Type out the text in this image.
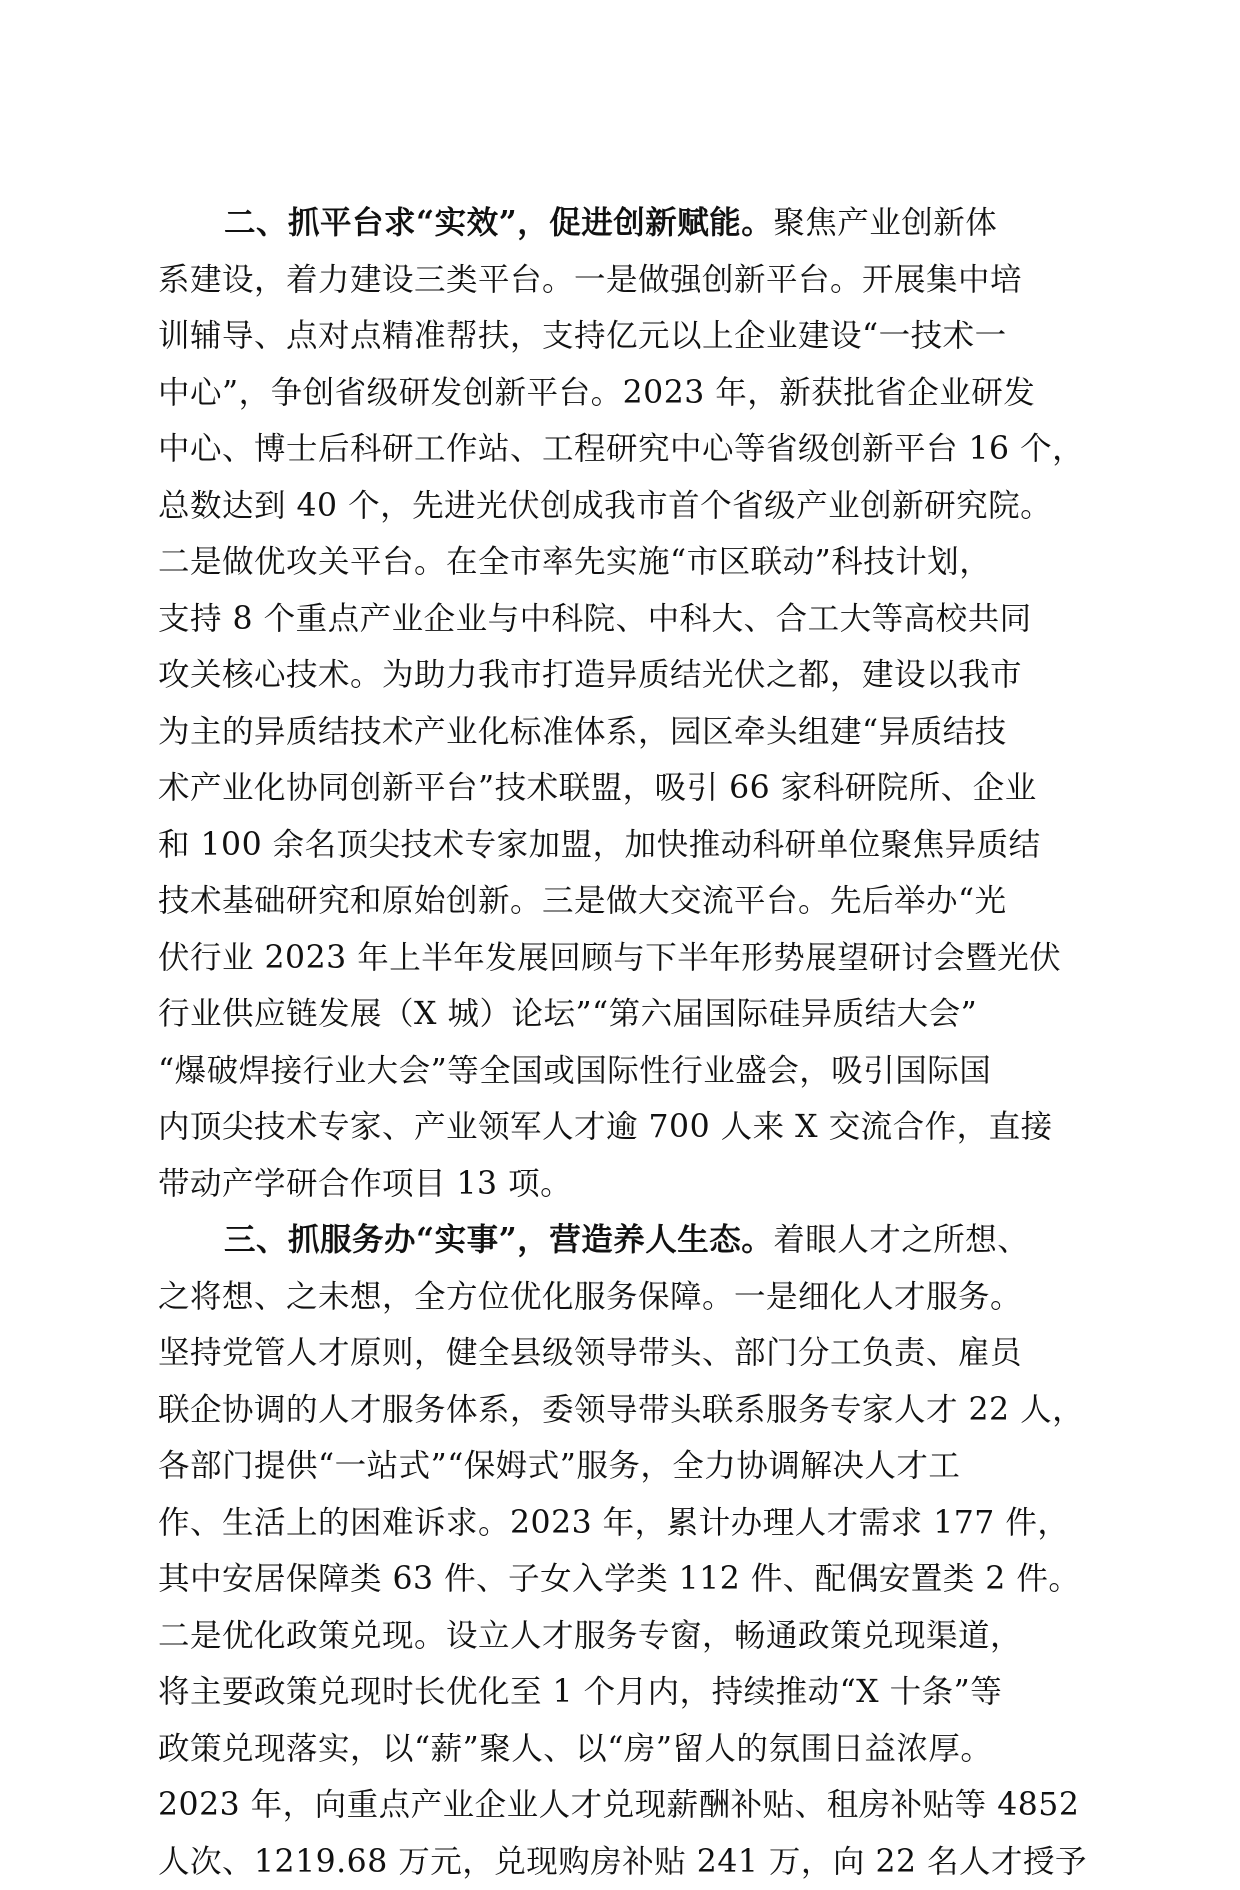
二、抓平台求“实效”，促进创新赋能。聚焦产业创新体
系建设，着力建设三类平台。一是做强创新平台。开展集中培
训辅导、点对点精准帮扶，支持亿元以上企业建设“一技术一
中心”，争创省级研发创新平台。2023 年，新获批省企业研发
中心、博士后科研工作站、工程研究中心等省级创新平台 16 个，
总数达到 40 个，先进光伏创成我市首个省级产业创新研究院。
二是做优攻关平台。在全市率先实施“市区联动”科技计划，
支持 8 个重点产业企业与中科院、中科大、合工大等高校共同
攻关核心技术。为助力我市打造异质结光伏之都，建设以我市
为主的异质结技术产业化标准体系，园区牵头组建“异质结技
术产业化协同创新平台”技术联盟，吸引 66 家科研院所、企业
和 100 余名顶尖技术专家加盟，加快推动科研单位聚焦异质结
技术基础研究和原始创新。三是做大交流平台。先后举办“光
伏行业 2023 年上半年发展回顾与下半年形势展望研讨会暨光伏
行业供应链发展（X 城）论坛”“第六届国际硅异质结大会”
“爆破焊接行业大会”等全国或国际性行业盛会，吸引国际国
内顶尖技术专家、产业领军人才逾 700 人来 X 交流合作，直接
带动产学研合作项目 13 项。
三、抓服务办“实事”，营造养人生态。着眼人才之所想、
之将想、之未想，全方位优化服务保障。一是细化人才服务。
坚持党管人才原则，健全县级领导带头、部门分工负责、雇员
联企协调的人才服务体系，委领导带头联系服务专家人才 22 人，
各部门提供“一站式”“保姆式”服务，全力协调解决人才工
作、生活上的困难诉求。2023 年，累计办理人才需求 177 件，
其中安居保障类 63 件、子女入学类 112 件、配偶安置类 2 件。
二是优化政策兑现。设立人才服务专窗，畅通政策兑现渠道，
将主要政策兑现时长优化至 1 个月内，持续推动“X 十条”等
政策兑现落实，以“薪”聚人、以“房”留人的氛围日益浓厚。
2023 年，向重点产业企业人才兑现薪酬补贴、租房补贴等 4852
人次、1219.68 万元，兑现购房补贴 241 万，向 22 名人才授予
